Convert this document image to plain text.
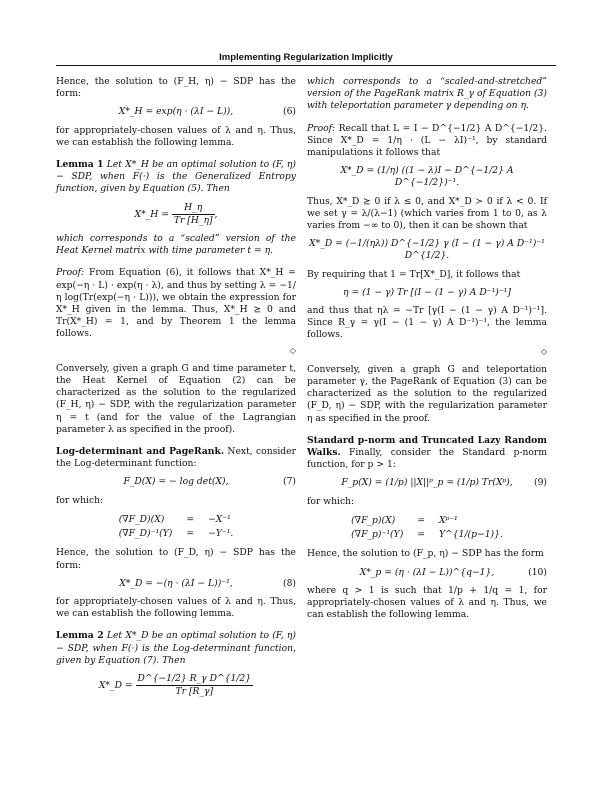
Implementing Regularization Implicitly

Hence, the solution to (F_H, η) − SDP has the form:

X*_H = exp(η · (λI − L)),	(6)

for appropriately-chosen values of λ and η. Thus, we can establish the following lemma.

Lemma 1 Let X*_H be an optimal solution to (F, η) − SDP, when F(·) is the Generalized Entropy function, given by Equation (5). Then

X*_H = $\frac{H\_\eta}{Tr [H\_\eta]}$ ,

which corresponds to a “scaled” version of the Heat Kernel matrix with time parameter t = η.

Proof: From Equation (6), it follows that X*_H = exp(−η · L) · exp(η · λ), and thus by setting λ = −1/η log(Tr(exp(−η · L))), we obtain the expression for X*_H given in the lemma. Thus, X*_H ⪰ 0 and Tr(X*_H) = 1, and by Theorem 1 the lemma follows.

◇

Conversely, given a graph G and time parameter t, the Heat Kernel of Equation (2) can be characterized as the solution to the regularized (F_H, η) − SDP, with the regularization parameter η = t (and for the value of the Lagrangian parameter λ as specified in the proof).

Log-determinant and PageRank. Next, consider the Log-determinant function:

F_D(X) = − log det(X),	(7)

for which:

(∇F_D)(X)	=	−X⁻¹
(∇F_D)⁻¹(Y)	=	−Y⁻¹.

Hence, the solution to (F_D, η) − SDP has the form:

X*_D = −(η · (λI − L))⁻¹,	(8)

for appropriately-chosen values of λ and η. Thus, we can establish the following lemma.

Lemma 2 Let X*_D be an optimal solution to (F, η) − SDP, when F(·) is the Log-determinant function, given by Equation (7). Then

X*_D = $\frac{\text{D\textasciicircum{}\{−1/2\} R\_γ D\textasciicircum{}\{1/2\}}}{Tr [R\_\gamma]}$

which corresponds to a “scaled-and-stretched” version of the PageRank matrix R_γ of Equation (3) with teleportation parameter γ depending on η.

Proof: Recall that L = I − D^{−1/2} A D^{−1/2}. Since X*_D = 1/η · (L − λI)⁻¹, by standard manipulations it follows that

X*_D = (1/η) ((1 − λ)I − D^{−1/2} A D^{−1/2})⁻¹.

Thus, X*_D ⪰ 0 if λ ≤ 0, and X*_D ≻ 0 if λ < 0. If we set γ = λ/(λ−1) (which varies from 1 to 0, as λ varies from −∞ to 0), then it can be shown that

X*_D = (−1/(ηλ)) D^{−1/2} γ (I − (1 − γ) A D⁻¹)⁻¹ D^{1/2}.

By requiring that 1 = Tr[X*_D], it follows that

η = (1 − γ) Tr [(I − (1 − γ) A D⁻¹)⁻¹]

and thus that ηλ = −Tr [γ(I − (1 − γ) A D⁻¹)⁻¹]. Since R_γ = γ(I − (1 − γ) A D⁻¹)⁻¹, the lemma follows.

◇

Conversely, given a graph G and teleportation parameter γ, the PageRank of Equation (3) can be characterized as the solution to the regularized (F_D, η) − SDP, with the regularization parameter η as specified in the proof.

Standard p-norm and Truncated Lazy Random Walks. Finally, consider the Standard p-norm function, for p > 1:

F_p(X) = (1/p) ||X||ᵖ_p = (1/p) Tr(Xᵖ), (9)

for which:

(∇F_p)(X)	=	Xᵖ⁻¹
(∇F_p)⁻¹(Y)	=	Y^{1/(p−1)}.

Hence, the solution to (F_p, η) − SDP has the form

X*_p = (η · (λI − L))^{q−1},	(10)

where q > 1 is such that 1/p + 1/q = 1, for appropriately-chosen values of λ and η. Thus, we can establish the following lemma.
